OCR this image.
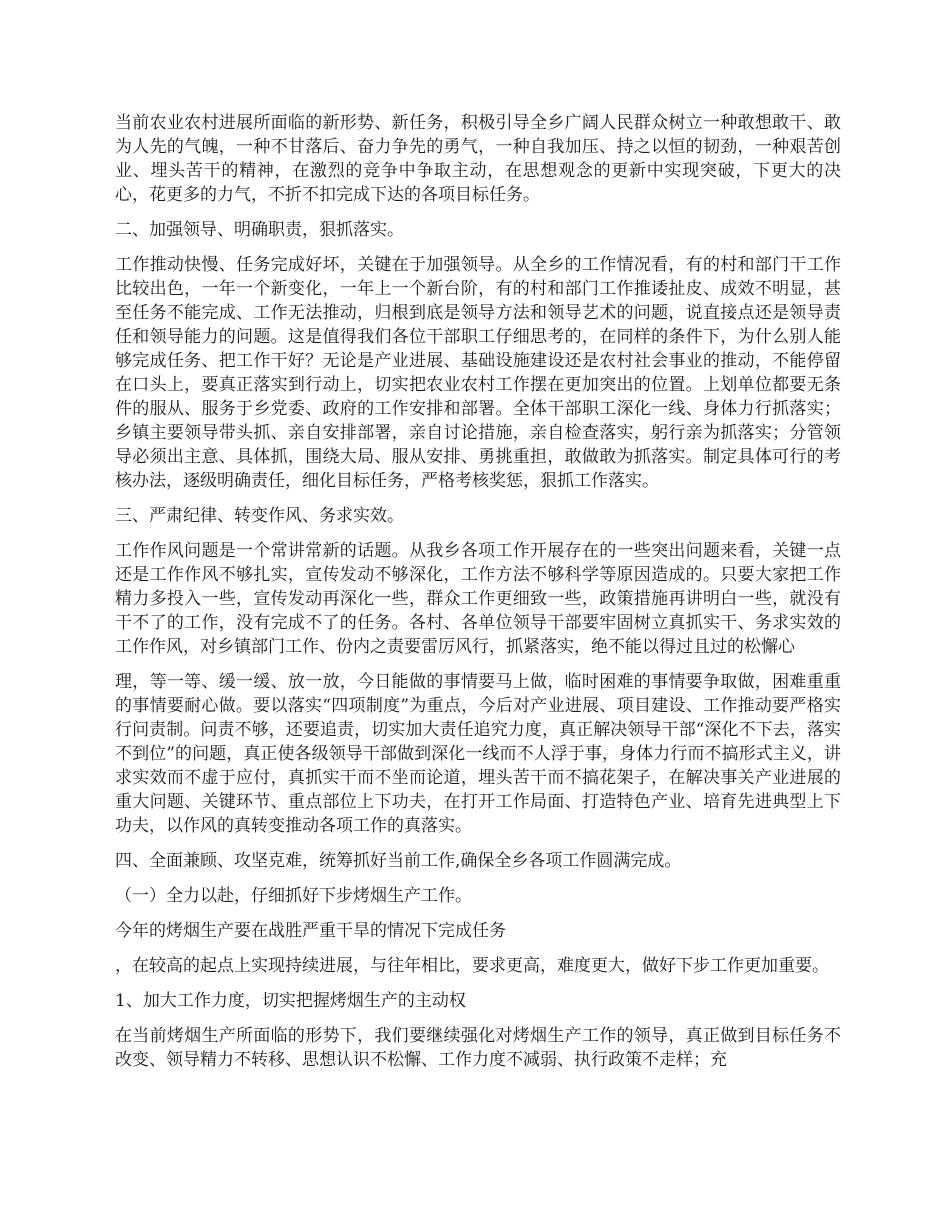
当前农业农村进展所面临的新形势、新任务，积极引导全乡广阔人民群众树立一种敢想敢干、敢为人先的气魄，一种不甘落后、奋力争先的勇气，一种自我加压、持之以恒的韧劲，一种艰苦创业、埋头苦干的精神，在激烈的竞争中争取主动，在思想观念的更新中实现突破，下更大的决心，花更多的力气，不折不扣完成下达的各项目标任务。

二、加强领导、明确职责，狠抓落实。

工作推动快慢、任务完成好坏，关键在于加强领导。从全乡的工作情况看，有的村和部门干工作比较出色，一年一个新变化，一年上一个新台阶，有的村和部门工作推诿扯皮、成效不明显，甚至任务不能完成、工作无法推动，归根到底是领导方法和领导艺术的问题，说直接点还是领导责任和领导能力的问题。这是值得我们各位干部职工仔细思考的，在同样的条件下，为什么别人能够完成任务、把工作干好？无论是产业进展、基础设施建设还是农村社会事业的推动，不能停留在口头上，要真正落实到行动上，切实把农业农村工作摆在更加突出的位置。上划单位都要无条件的服从、服务于乡党委、政府的工作安排和部署。全体干部职工深化一线、身体力行抓落实；乡镇主要领导带头抓、亲自安排部署，亲自讨论措施，亲自检查落实，躬行亲为抓落实；分管领导必须出主意、具体抓，围绕大局、服从安排、勇挑重担，敢做敢为抓落实。制定具体可行的考核办法，逐级明确责任，细化目标任务，严格考核奖惩，狠抓工作落实。

三、严肃纪律、转变作风、务求实效。

工作作风问题是一个常讲常新的话题。从我乡各项工作开展存在的一些突出问题来看，关键一点还是工作作风不够扎实，宣传发动不够深化，工作方法不够科学等原因造成的。只要大家把工作精力多投入一些，宣传发动再深化一些，群众工作更细致一些，政策措施再讲明白一些，就没有干不了的工作，没有完成不了的任务。各村、各单位领导干部要牢固树立真抓实干、务求实效的工作作风，对乡镇部门工作、份内之责要雷厉风行，抓紧落实，绝不能以得过且过的松懈心

理，等一等、缓一缓、放一放，今日能做的事情要马上做，临时困难的事情要争取做，困难重重的事情要耐心做。要以落实“四项制度”为重点，今后对产业进展、项目建设、工作推动要严格实行问责制。问责不够，还要追责，切实加大责任追究力度，真正解决领导干部“深化不下去，落实不到位”的问题，真正使各级领导干部做到深化一线而不人浮于事，身体力行而不搞形式主义，讲求实效而不虚于应付，真抓实干而不坐而论道，埋头苦干而不搞花架子，在解决事关产业进展的重大问题、关键环节、重点部位上下功夫，在打开工作局面、打造特色产业、培育先进典型上下功夫，以作风的真转变推动各项工作的真落实。

四、全面兼顾、攻坚克难，统筹抓好当前工作,确保全乡各项工作圆满完成。

（一）全力以赴，仔细抓好下步烤烟生产工作。

今年的烤烟生产要在战胜严重干旱的情况下完成任务

，在较高的起点上实现持续进展，与往年相比，要求更高，难度更大，做好下步工作更加重要。

1、加大工作力度，切实把握烤烟生产的主动权

在当前烤烟生产所面临的形势下，我们要继续强化对烤烟生产工作的领导，真正做到目标任务不改变、领导精力不转移、思想认识不松懈、工作力度不减弱、执行政策不走样；充
